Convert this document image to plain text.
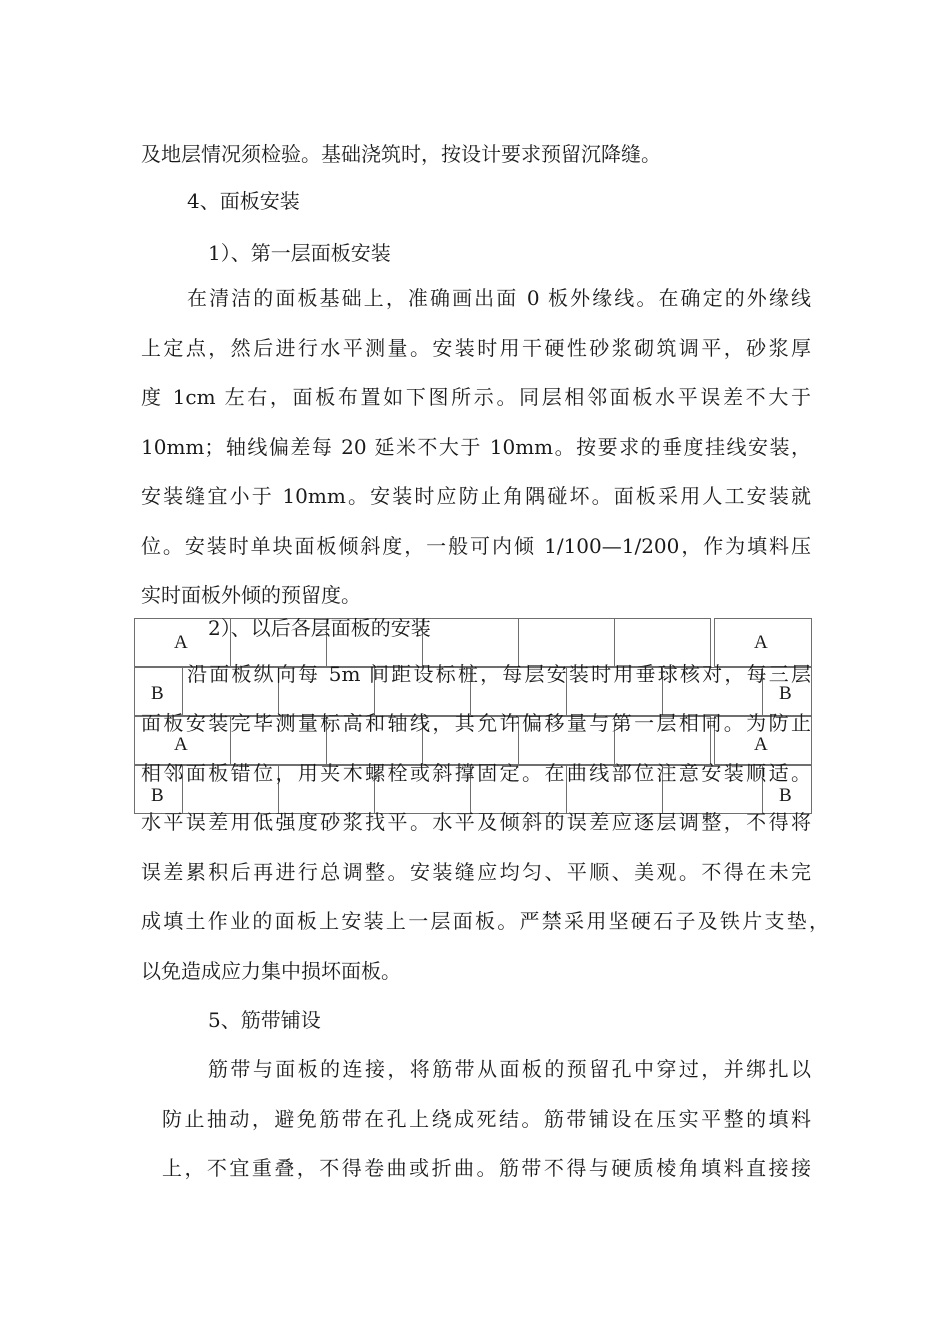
A	A
B	B
A	A
B	B
及地层情况须检验。基础浇筑时，按设计要求预留沉降缝。
4、面板安装
1）、第一层面板安装
在清洁的面板基础上，准确画出面 0 板外缘线。在确定的外缘线
上定点，然后进行水平测量。安装时用干硬性砂浆砌筑调平，砂浆厚
度 1cm 左右，面板布置如下图所示。同层相邻面板水平误差不大于
10mm；轴线偏差每 20 延米不大于 10mm。按要求的垂度挂线安装，
安装缝宜小于 10mm。安装时应防止角隅碰坏。面板采用人工安装就
位。安装时单块面板倾斜度，一般可内倾 1/100—1/200，作为填料压
实时面板外倾的预留度。
2）、以后各层面板的安装
沿面板纵向每 5m 间距设标桩，每层安装时用垂球核对，每三层
面板安装完毕测量标高和轴线，其允许偏移量与第一层相同。为防止
相邻面板错位，用夹木螺栓或斜撑固定。在曲线部位注意安装顺适。
水平误差用低强度砂浆找平。水平及倾斜的误差应逐层调整，不得将
误差累积后再进行总调整。安装缝应均匀、平顺、美观。不得在未完
成填土作业的面板上安装上一层面板。严禁采用坚硬石子及铁片支垫，
以免造成应力集中损坏面板。
5、筋带铺设
筋带与面板的连接，将筋带从面板的预留孔中穿过，并绑扎以
防止抽动，避免筋带在孔上绕成死结。筋带铺设在压实平整的填料
上，不宜重叠，不得卷曲或折曲。筋带不得与硬质棱角填料直接接
